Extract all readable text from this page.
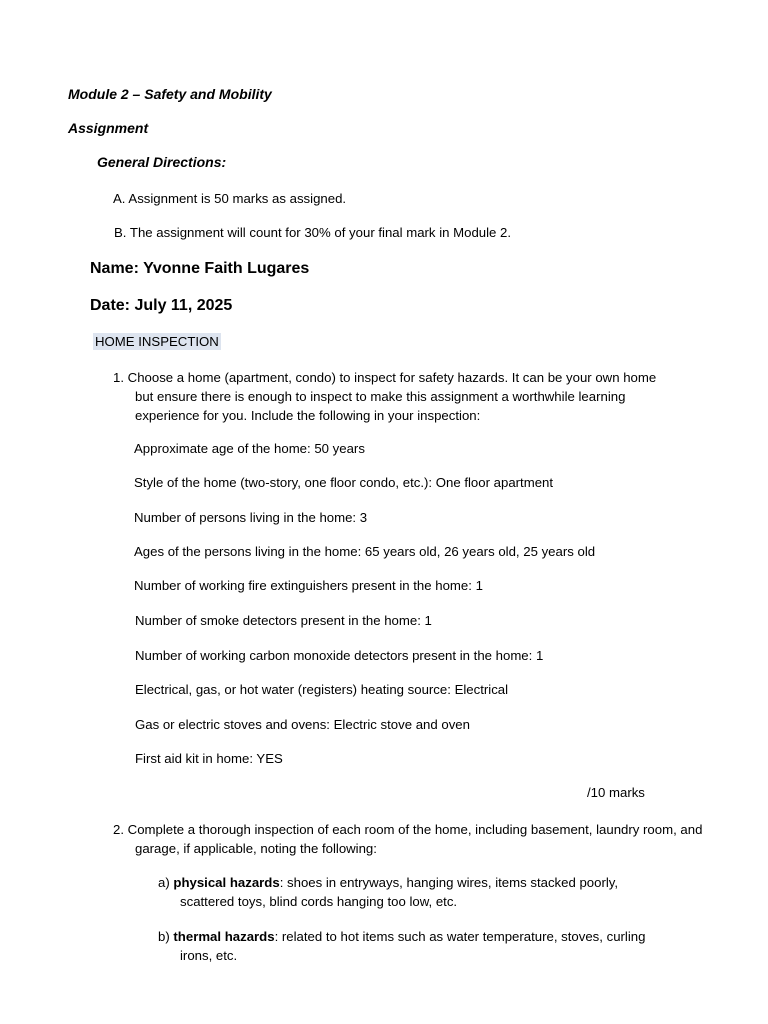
Module 2 – Safety and Mobility
Assignment
General Directions:
A. Assignment is 50 marks as assigned.
B. The assignment will count for 30% of your final mark in Module 2.
Name: Yvonne Faith Lugares
Date: July 11, 2025
HOME INSPECTION
1. Choose a home (apartment, condo) to inspect for safety hazards. It can be your own home but ensure there is enough to inspect to make this assignment a worthwhile learning experience for you. Include the following in your inspection:
Approximate age of the home: 50 years
Style of the home (two-story, one floor condo, etc.): One floor apartment
Number of persons living in the home: 3
Ages of the persons living in the home: 65 years old, 26 years old, 25 years old
Number of working fire extinguishers present in the home: 1
Number of smoke detectors present in the home: 1
Number of working carbon monoxide detectors present in the home: 1
Electrical, gas, or hot water (registers) heating source: Electrical
Gas or electric stoves and ovens: Electric stove and oven
First aid kit in home: YES
/10 marks
2. Complete a thorough inspection of each room of the home, including basement, laundry room, and garage, if applicable, noting the following:
a) physical hazards: shoes in entryways, hanging wires, items stacked poorly, scattered toys, blind cords hanging too low, etc.
b) thermal hazards: related to hot items such as water temperature, stoves, curling irons, etc.
